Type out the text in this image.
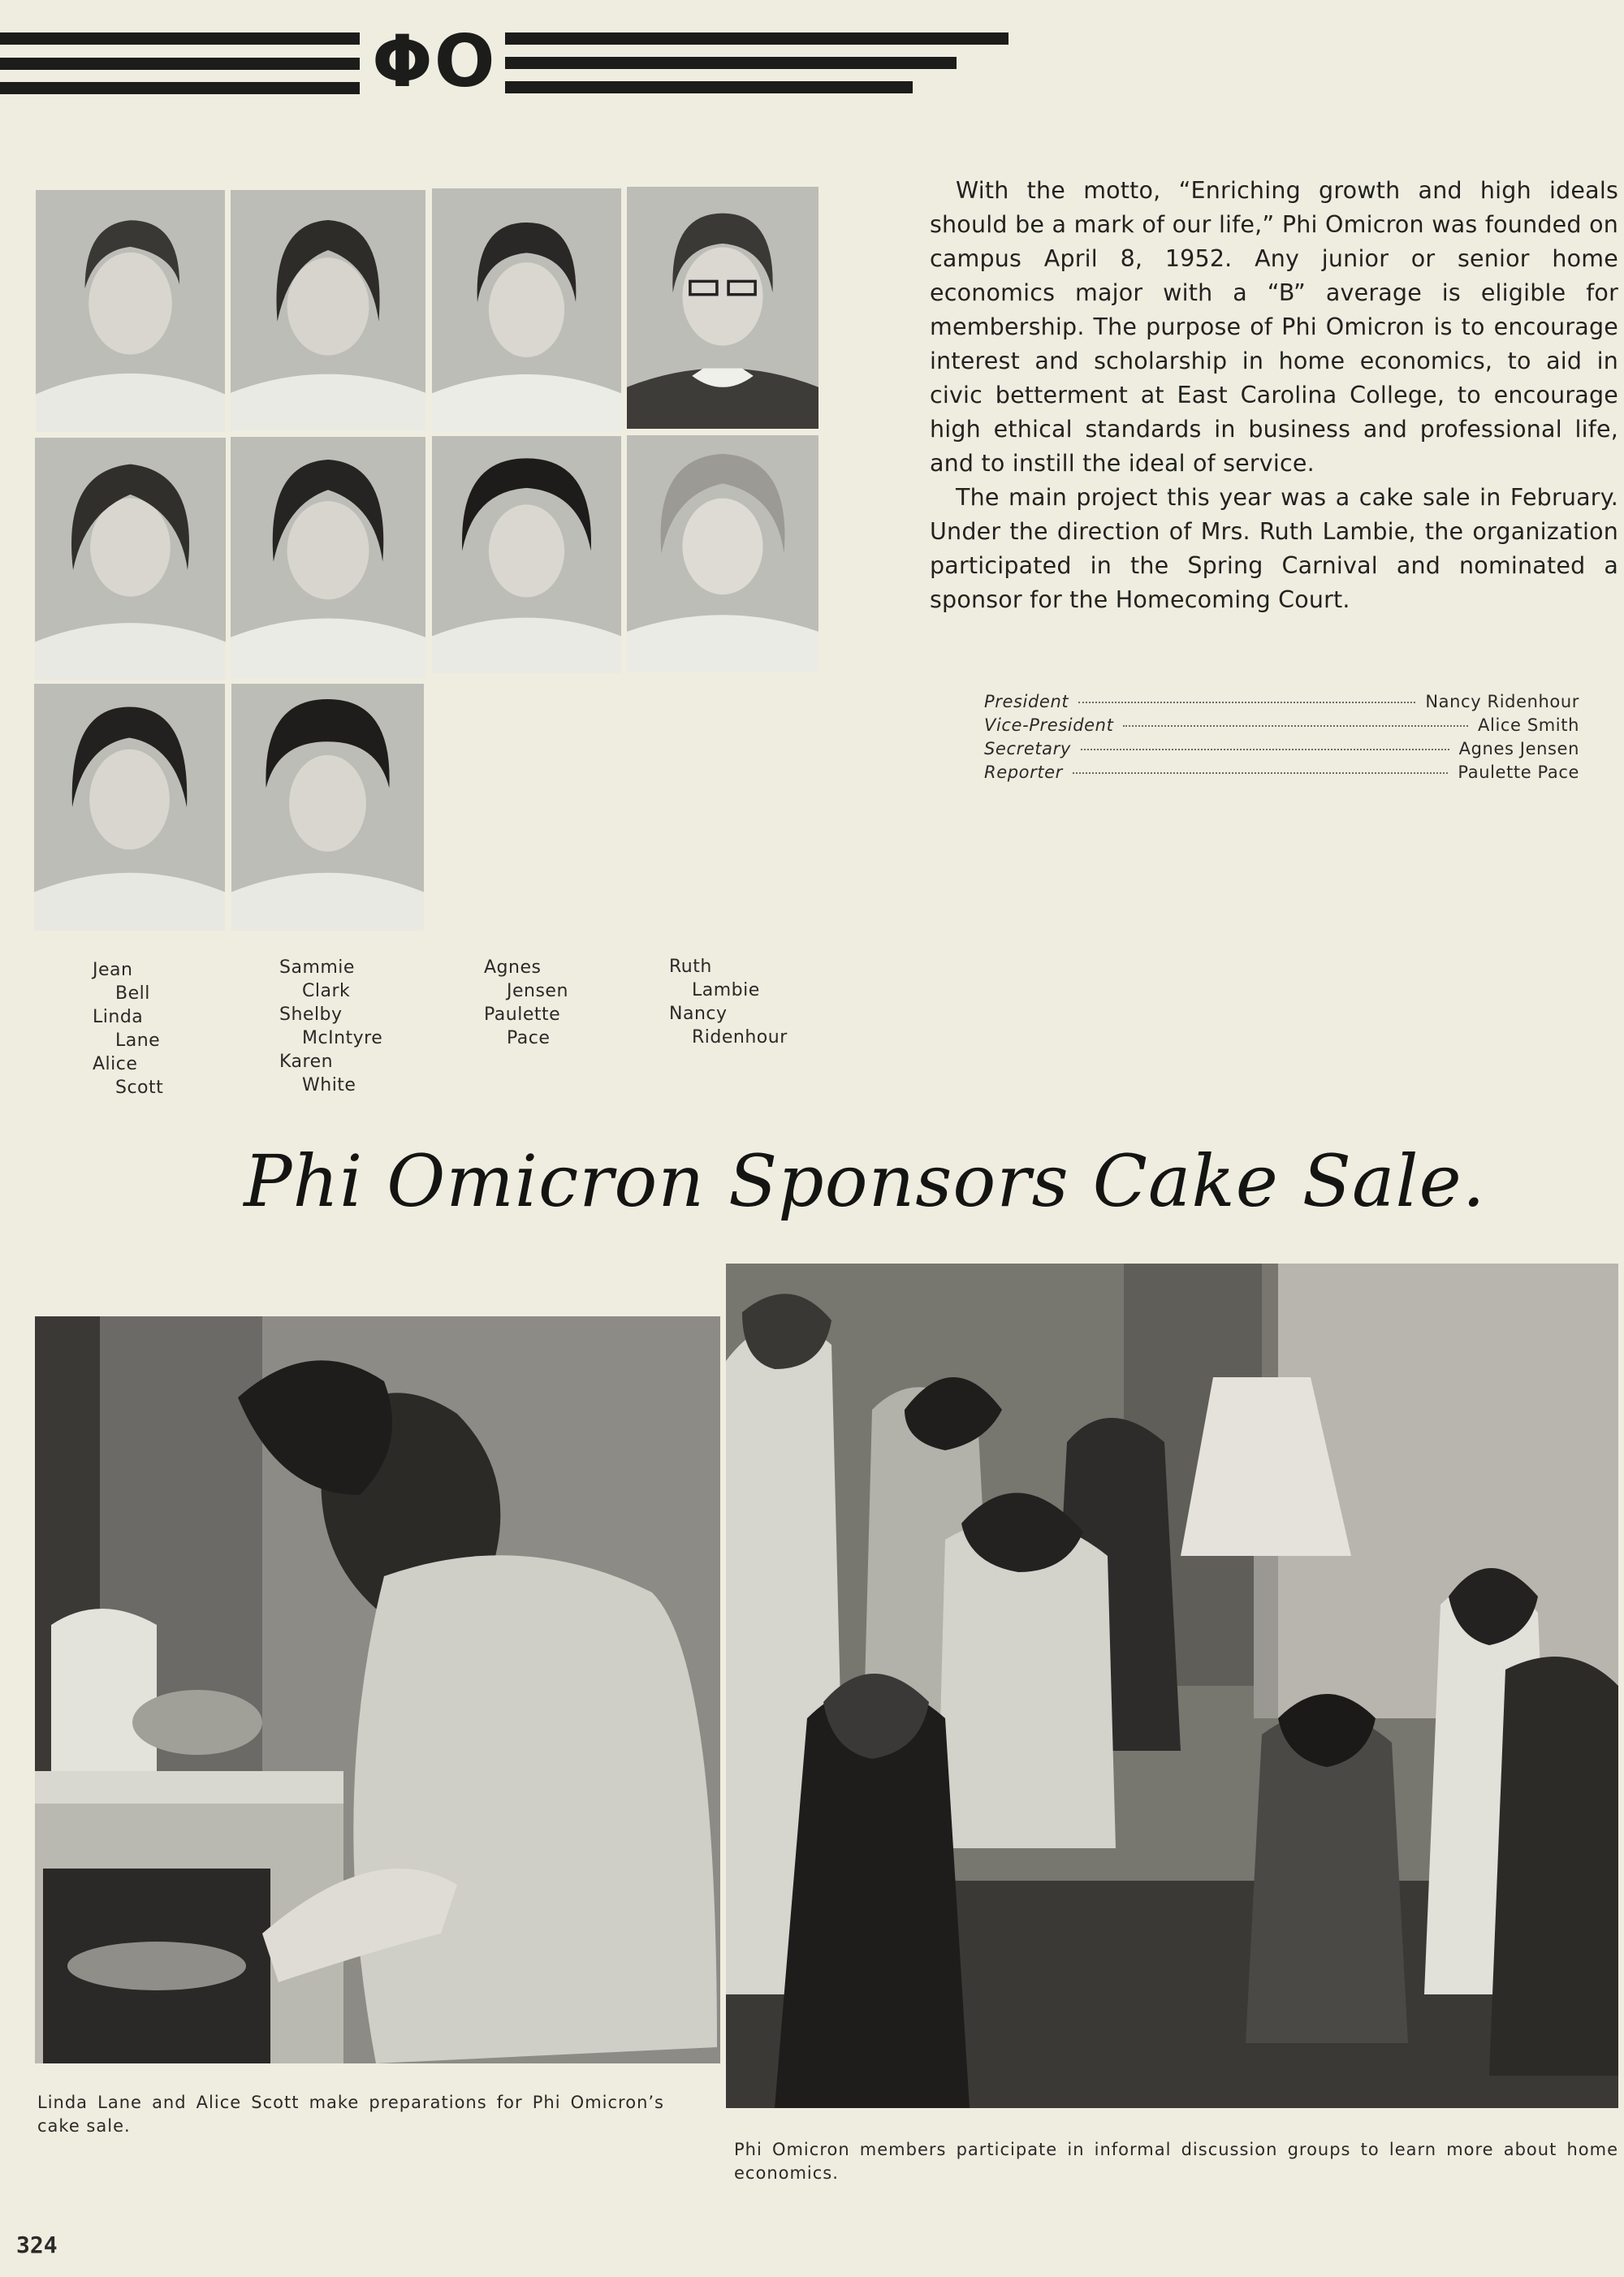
ΦΟ
Jean
Bell
Linda
Lane
Alice
Scott
Sammie
Clark
Shelby
McIntyre
Karen
White
Agnes
Jensen
Paulette
Pace
Ruth
Lambie
Nancy
Ridenhour

With the motto, “Enriching growth and high ideals should be a mark of our life,” Phi Omicron was founded on campus April 8, 1952. Any junior or senior home economics major with a “B” average is eligible for membership. The purpose of Phi Omicron is to encourage interest and scholarship in home economics, to aid in civic betterment at East Carolina College, to encourage high ethical standards in business and professional life, and to instill the ideal of service.

The main project this year was a cake sale in February. Under the direction of Mrs. Ruth Lambie, the organization participated in the Spring Carnival and nominated a sponsor for the Homecoming Court.

President	Nancy Ridenhour
Vice-President	Alice Smith
Secretary	Agnes Jensen
Reporter	Paulette Pace
Phi Omicron Sponsors Cake Sale.
Linda Lane and Alice Scott make preparations for Phi Omicron’s cake sale.
Phi Omicron members participate in informal discussion groups to learn more about home economics.
324
